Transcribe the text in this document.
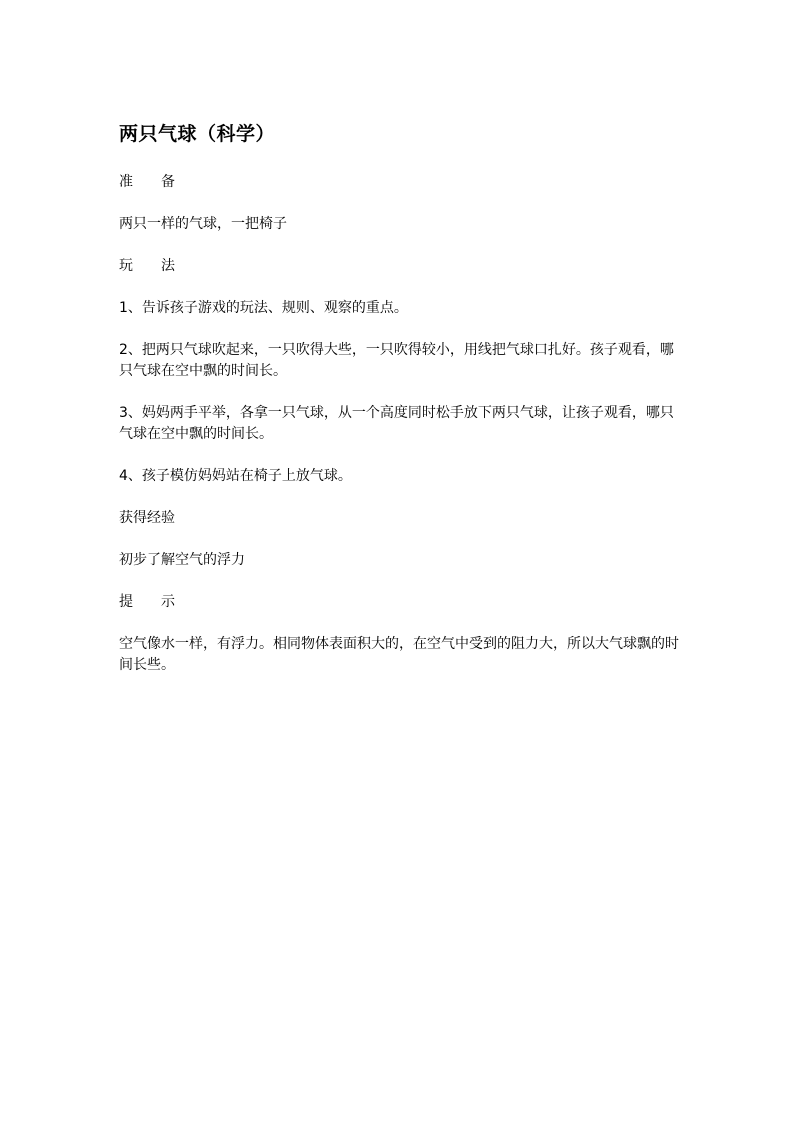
两只气球（科学）

准　　备

两只一样的气球，一把椅子

玩　　法

1、告诉孩子游戏的玩法、规则、观察的重点。

2、把两只气球吹起来，一只吹得大些，一只吹得较小，用线把气球口扎好。孩子观看，哪只气球在空中飘的时间长。

3、妈妈两手平举，各拿一只气球，从一个高度同时松手放下两只气球，让孩子观看，哪只气球在空中飘的时间长。

4、孩子模仿妈妈站在椅子上放气球。

获得经验

初步了解空气的浮力

提　　示

空气像水一样，有浮力。相同物体表面积大的，在空气中受到的阻力大，所以大气球飘的时间长些。
